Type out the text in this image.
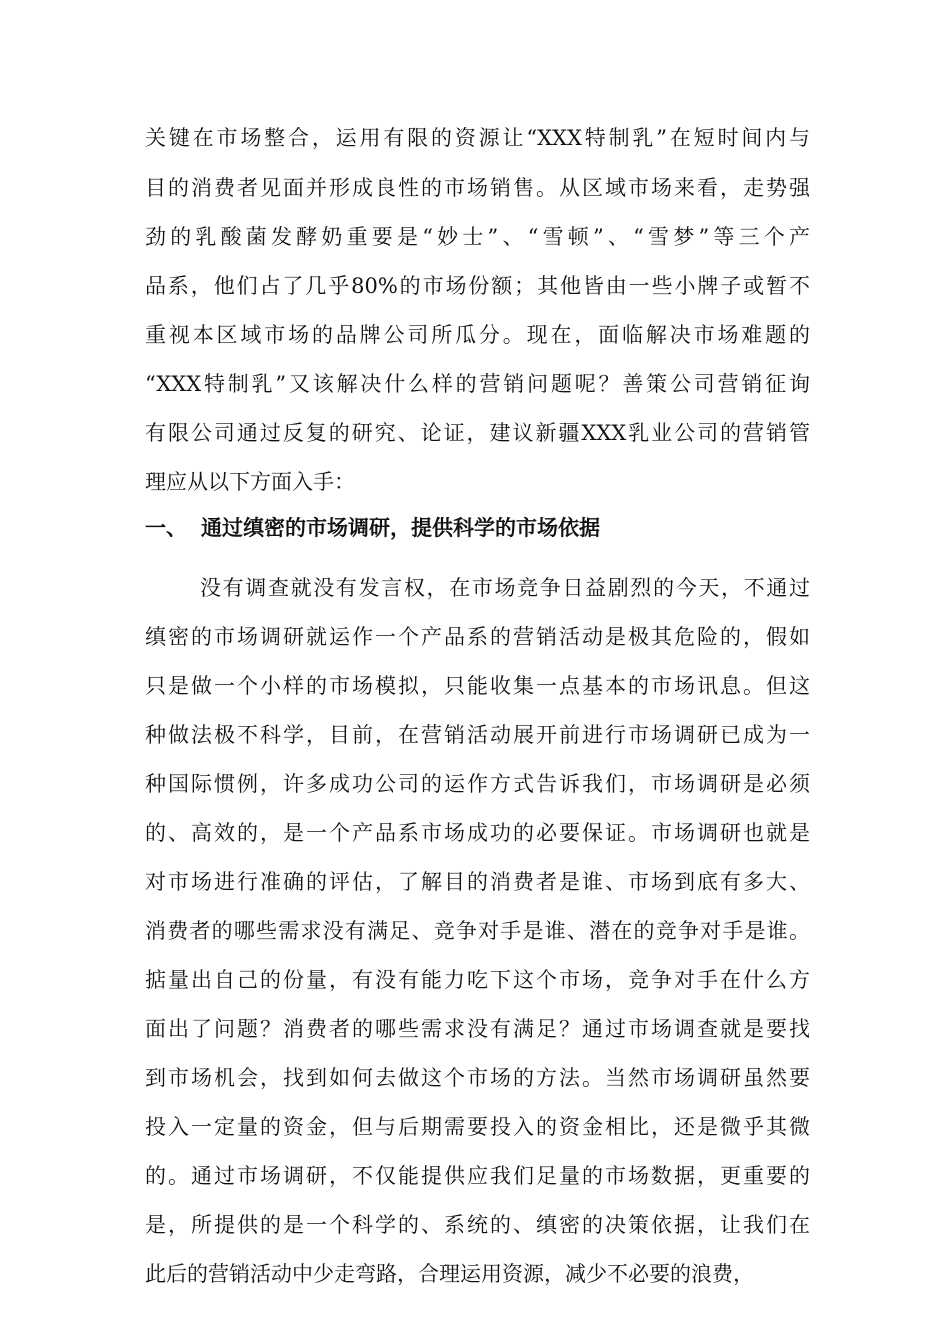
关键在市场整合，运用有限的资源让“XXX特制乳”在短时间内与
目的消费者见面并形成良性的市场销售。从区域市场来看，走势强
劲的乳酸菌发酵奶重要是“妙士”、“雪顿”、“雪梦”等三个产
品系，他们占了几乎80%的市场份额；其他皆由一些小牌子或暂不
重视本区域市场的品牌公司所瓜分。现在，面临解决市场难题的
“XXX特制乳”又该解决什么样的营销问题呢？善策公司营销征询
有限公司通过反复的研究、论证，建议新疆XXX乳业公司的营销管
理应从以下方面入手：
一、 通过缜密的市场调研，提供科学的市场依据
没有调查就没有发言权，在市场竞争日益剧烈的今天，不通过
缜密的市场调研就运作一个产品系的营销活动是极其危险的，假如
只是做一个小样的市场模拟，只能收集一点基本的市场讯息。但这
种做法极不科学，目前，在营销活动展开前进行市场调研已成为一
种国际惯例，许多成功公司的运作方式告诉我们，市场调研是必须
的、高效的，是一个产品系市场成功的必要保证。市场调研也就是
对市场进行准确的评估，了解目的消费者是谁、市场到底有多大、
消费者的哪些需求没有满足、竞争对手是谁、潜在的竞争对手是谁。
掂量出自己的份量，有没有能力吃下这个市场，竞争对手在什么方
面出了问题？消费者的哪些需求没有满足？通过市场调查就是要找
到市场机会，找到如何去做这个市场的方法。当然市场调研虽然要
投入一定量的资金，但与后期需要投入的资金相比，还是微乎其微
的。通过市场调研，不仅能提供应我们足量的市场数据，更重要的
是，所提供的是一个科学的、系统的、缜密的决策依据，让我们在
此后的营销活动中少走弯路，合理运用资源，减少不必要的浪费，
